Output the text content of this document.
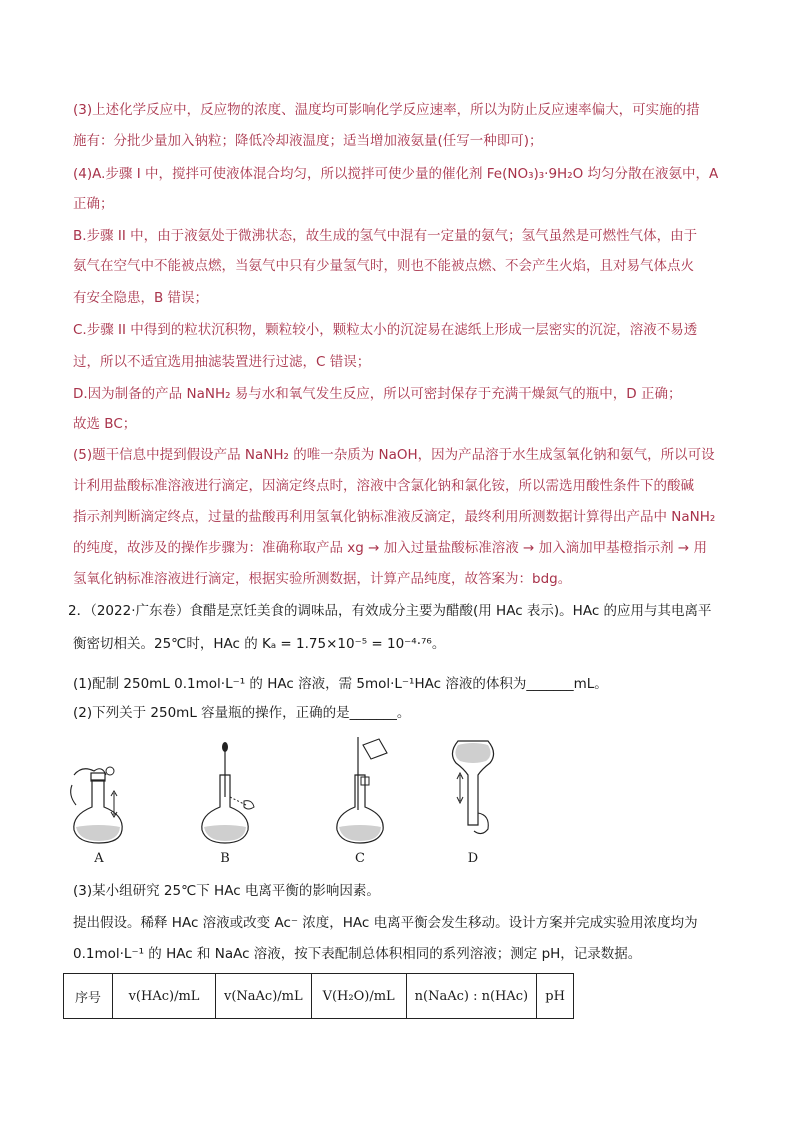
(3)上述化学反应中，反应物的浓度、温度均可影响化学反应速率，所以为防止反应速率偏大，可实施的措
施有：分批少量加入钠粒；降低冷却液温度；适当增加液氨量(任写一种即可)；
(4)A.步骤 I 中，搅拌可使液体混合均匀，所以搅拌可使少量的催化剂 Fe(NO₃)₃·9H₂O 均匀分散在液氨中，A
正确；
B.步骤 II 中，由于液氨处于微沸状态，故生成的氢气中混有一定量的氨气；氢气虽然是可燃性气体，由于
氨气在空气中不能被点燃，当氨气中只有少量氢气时，则也不能被点燃、不会产生火焰，且对易气体点火
有安全隐患，B 错误；
C.步骤 II 中得到的粒状沉积物，颗粒较小，颗粒太小的沉淀易在滤纸上形成一层密实的沉淀，溶液不易透
过，所以不适宜选用抽滤装置进行过滤，C 错误；
D.因为制备的产品 NaNH₂ 易与水和氧气发生反应，所以可密封保存于充满干燥氮气的瓶中，D 正确；
故选 BC；
(5)题干信息中提到假设产品 NaNH₂ 的唯一杂质为 NaOH，因为产品溶于水生成氢氧化钠和氨气，所以可设
计利用盐酸标准溶液进行滴定，因滴定终点时，溶液中含氯化钠和氯化铵，所以需选用酸性条件下的酸碱
指示剂判断滴定终点，过量的盐酸再利用氢氧化钠标准液反滴定，最终利用所测数据计算得出产品中 NaNH₂
的纯度，故涉及的操作步骤为：准确称取产品 xg → 加入过量盐酸标准溶液 → 加入滴加甲基橙指示剂 → 用
氢氧化钠标准溶液进行滴定，根据实验所测数据，计算产品纯度，故答案为：bdg。
2．（2022·广东卷）食醋是烹饪美食的调味品，有效成分主要为醋酸(用 HAc 表示)。HAc 的应用与其电离平
衡密切相关。25℃时，HAc 的 Kₐ = 1.75×10⁻⁵ = 10⁻⁴·⁷⁶。
(1)配制 250mL 0.1mol·L⁻¹ 的 HAc 溶液，需 5mol·L⁻¹HAc 溶液的体积为_______mL。
(2)下列关于 250mL 容量瓶的操作，正确的是_______。
A	B	C	D
(3)某小组研究 25℃下 HAc 电离平衡的影响因素。
提出假设。稀释 HAc 溶液或改变 Ac⁻ 浓度，HAc 电离平衡会发生移动。设计方案并完成实验用浓度均为
0.1mol·L⁻¹ 的 HAc 和 NaAc 溶液，按下表配制总体积相同的系列溶液；测定 pH，记录数据。
序号	v(HAc)/mL	v(NaAc)/mL	V(H₂O)/mL	n(NaAc) : n(HAc)	pH
